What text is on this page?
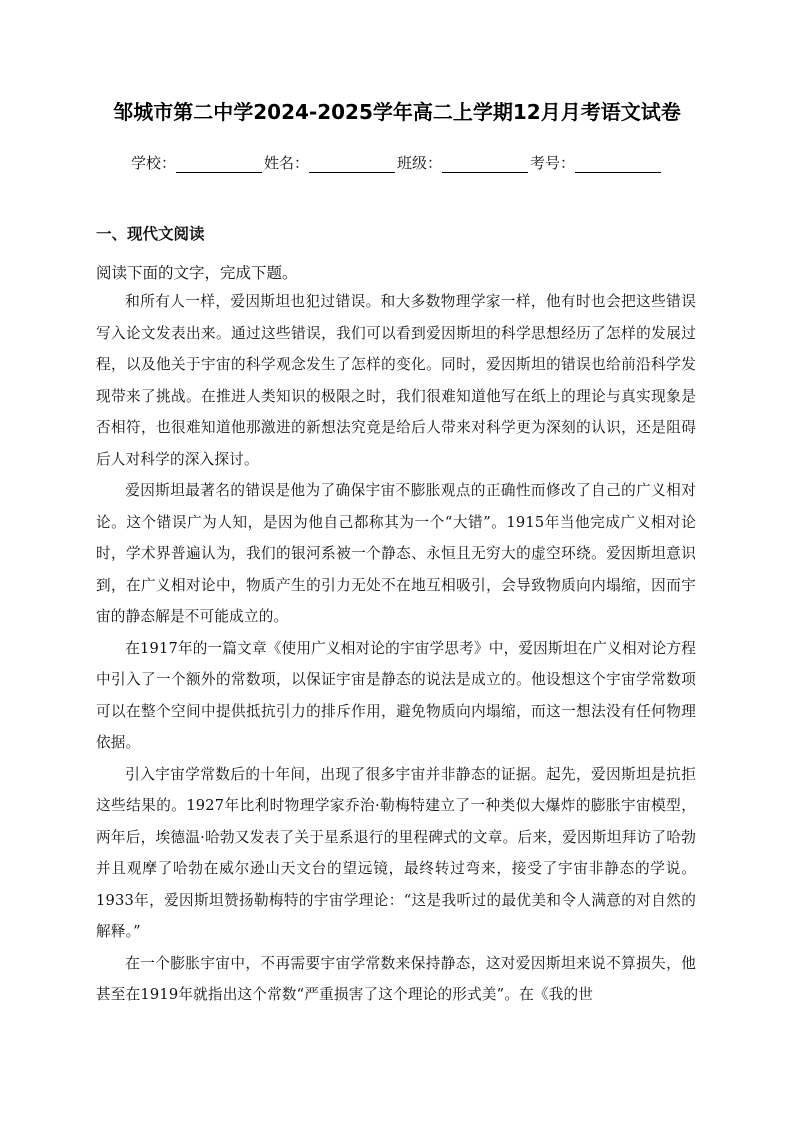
邹城市第二中学2024-2025学年高二上学期12月月考语文试卷
学校：	姓名：	班级：	考号：
一、现代文阅读
阅读下面的文字，完成下题。

和所有人一样，爱因斯坦也犯过错误。和大多数物理学家一样，他有时也会把这些错误写入论文发表出来。通过这些错误，我们可以看到爱因斯坦的科学思想经历了怎样的发展过程，以及他关于宇宙的科学观念发生了怎样的变化。同时，爱因斯坦的错误也给前沿科学发现带来了挑战。在推进人类知识的极限之时，我们很难知道他写在纸上的理论与真实现象是否相符，也很难知道他那激进的新想法究竟是给后人带来对科学更为深刻的认识，还是阻碍后人对科学的深入探讨。

爱因斯坦最著名的错误是他为了确保宇宙不膨胀观点的正确性而修改了自己的广义相对论。这个错误广为人知，是因为他自己都称其为一个“大错”。1915年当他完成广义相对论时，学术界普遍认为，我们的银河系被一个静态、永恒且无穷大的虚空环绕。爱因斯坦意识到，在广义相对论中，物质产生的引力无处不在地互相吸引，会导致物质向内塌缩，因而宇宙的静态解是不可能成立的。

在1917年的一篇文章《使用广义相对论的宇宙学思考》中，爱因斯坦在广义相对论方程中引入了一个额外的常数项，以保证宇宙是静态的说法是成立的。他设想这个宇宙学常数项可以在整个空间中提供抵抗引力的排斥作用，避免物质向内塌缩，而这一想法没有任何物理依据。

引入宇宙学常数后的十年间，出现了很多宇宙并非静态的证据。起先，爱因斯坦是抗拒这些结果的。1927年比利时物理学家乔治·勒梅特建立了一种类似大爆炸的膨胀宇宙模型，两年后，埃德温·哈勃又发表了关于星系退行的里程碑式的文章。后来，爱因斯坦拜访了哈勃并且观摩了哈勃在威尔逊山天文台的望远镜，最终转过弯来，接受了宇宙非静态的学说。1933年，爱因斯坦赞扬勒梅特的宇宙学理论：“这是我听过的最优美和令人满意的对自然的解释。”

在一个膨胀宇宙中，不再需要宇宙学常数来保持静态，这对爱因斯坦来说不算损失，他甚至在1919年就指出这个常数“严重损害了这个理论的形式美”。在《我的世
